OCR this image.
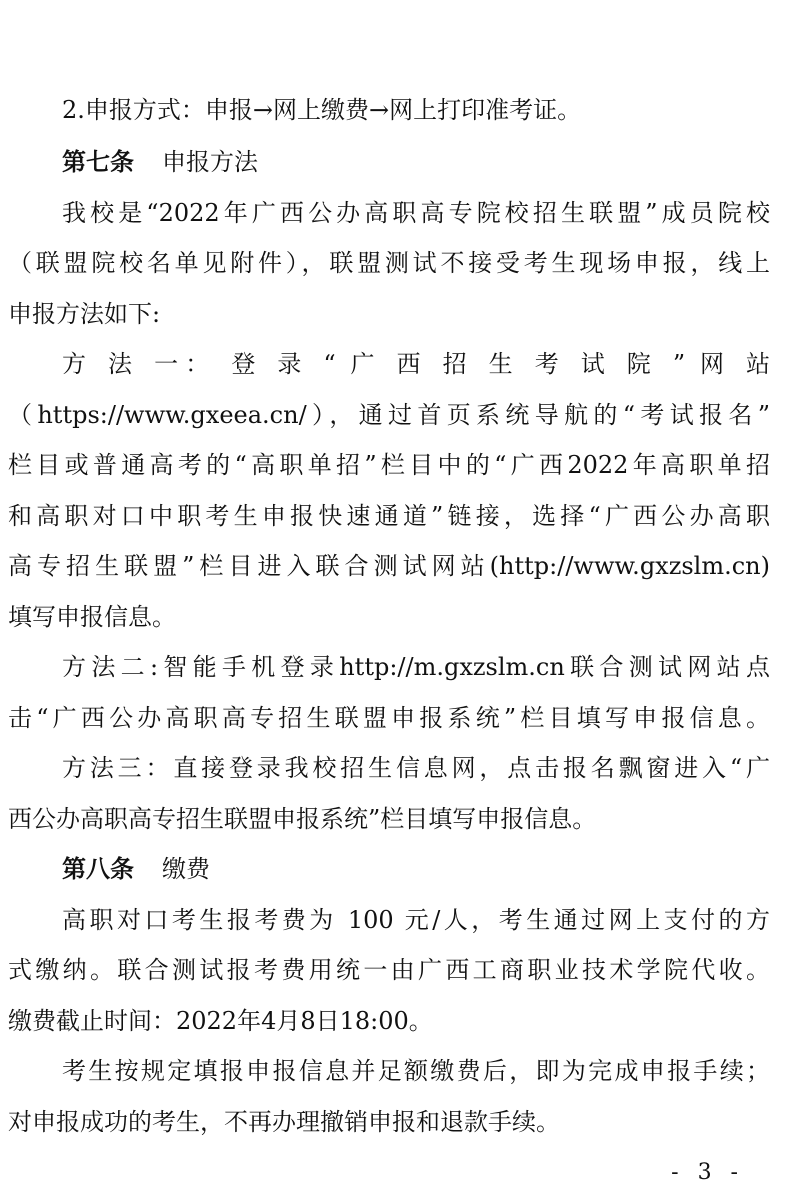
2.申报方式：申报→网上缴费→网上打印准考证。
第七条 申报方法
我校是“2022年广西公办高职高专院校招生联盟”成员院校
（联盟院校名单见附件），联盟测试不接受考生现场申报，线上
申报方法如下:
方 法 一： 登 录 “ 广 西 招 生 考 试 院 ” 网 站
（https://www.gxeea.cn/），通过首页系统导航的“考试报名”
栏目或普通高考的“高职单招”栏目中的“广西2022年高职单招
和高职对口中职考生申报快速通道”链接，选择“广西公办高职
高专招生联盟”栏目进入联合测试网站(http://www.gxzslm.cn)
填写申报信息。
方法二:智能手机登录http://m.gxzslm.cn联合测试网站点
击“广西公办高职高专招生联盟申报系统”栏目填写申报信息。
方法三：直接登录我校招生信息网，点击报名飘窗进入“广
西公办高职高专招生联盟申报系统”栏目填写申报信息。
第八条 缴费
高职对口考生报考费为 100 元/人，考生通过网上支付的方
式缴纳。联合测试报考费用统一由广西工商职业技术学院代收。
缴费截止时间：2022年4月8日18:00。
考生按规定填报申报信息并足额缴费后，即为完成申报手续；
对申报成功的考生，不再办理撤销申报和退款手续。
- 3 -
